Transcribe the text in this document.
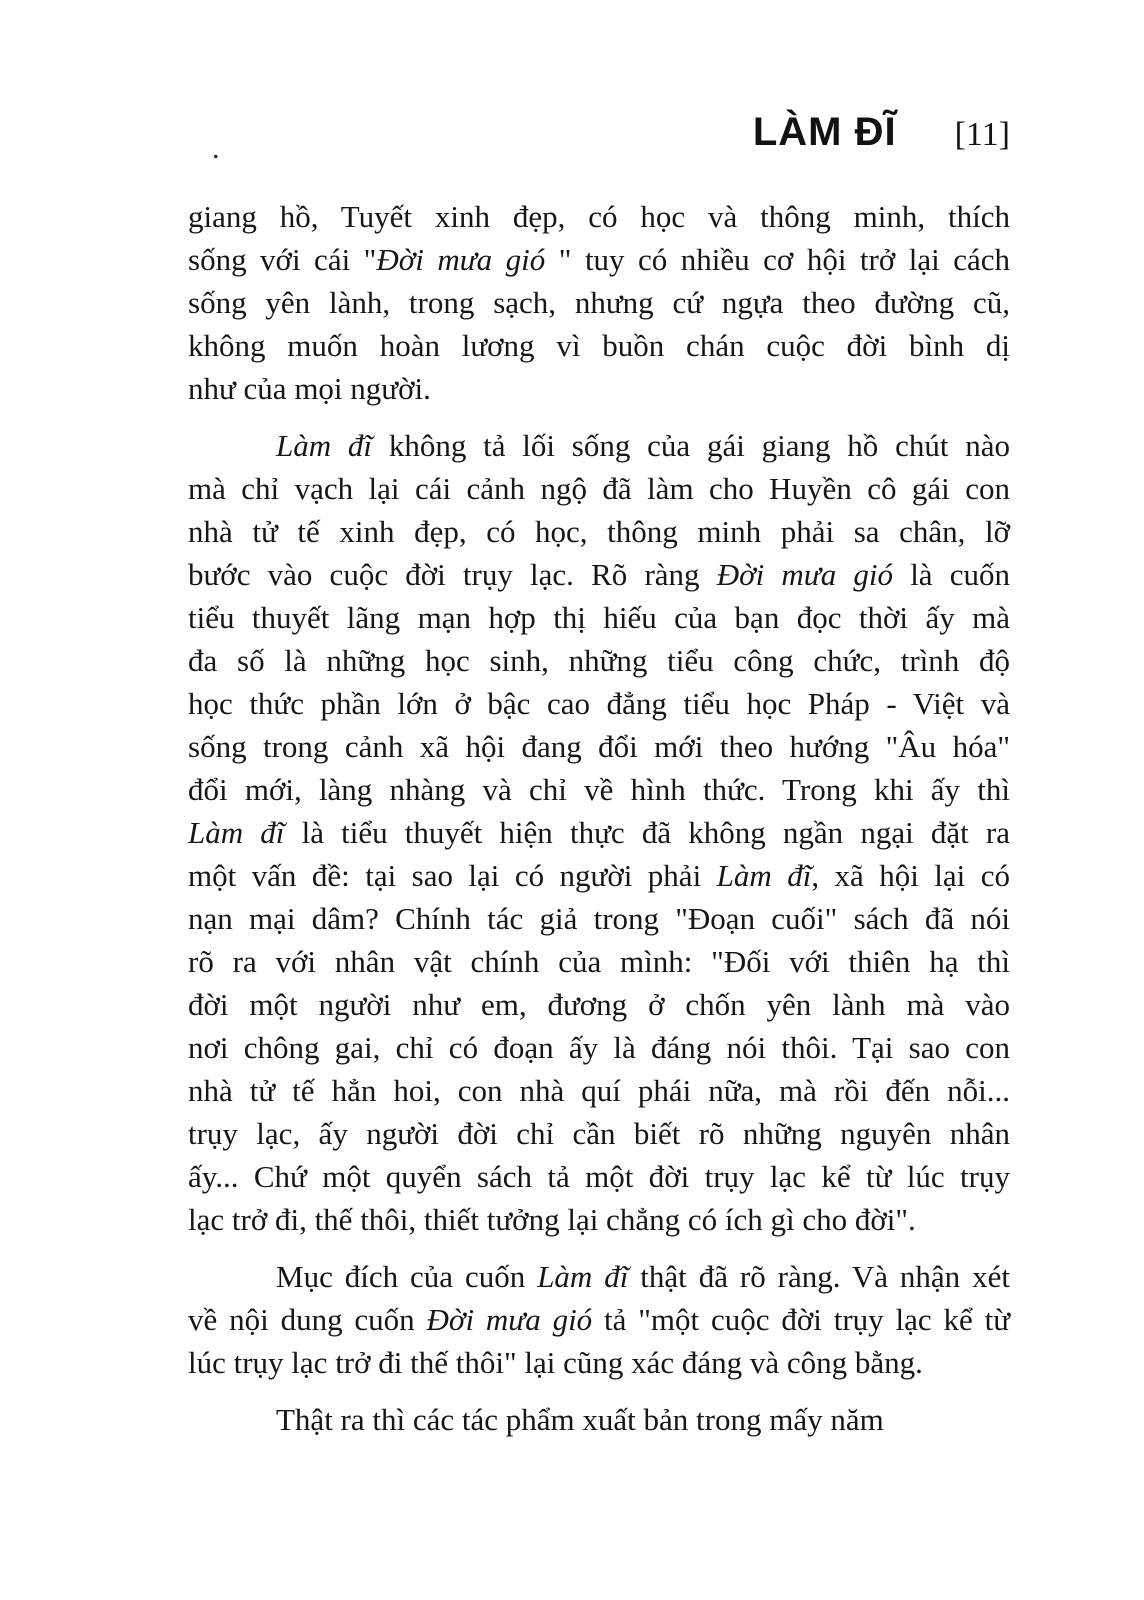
LÀM ĐĨ [11]
.
giang hồ, Tuyết xinh đẹp, có học và thông minh, thích
sống với cái "Đời mưa gió " tuy có nhiều cơ hội trở lại cách
sống yên lành, trong sạch, nhưng cứ ngựa theo đường cũ,
không muốn hoàn lương vì buồn chán cuộc đời bình dị
như của mọi người.
Làm đĩ không tả lối sống của gái giang hồ chút nào
mà chỉ vạch lại cái cảnh ngộ đã làm cho Huyền cô gái con
nhà tử tế xinh đẹp, có học, thông minh phải sa chân, lỡ
bước vào cuộc đời trụy lạc. Rõ ràng Đời mưa gió là cuốn
tiểu thuyết lãng mạn hợp thị hiếu của bạn đọc thời ấy mà
đa số là những học sinh, những tiểu công chức, trình độ
học thức phần lớn ở bậc cao đẳng tiểu học Pháp - Việt và
sống trong cảnh xã hội đang đổi mới theo hướng "Âu hóa"
đổi mới, làng nhàng và chỉ về hình thức. Trong khi ấy thì
Làm đĩ là tiểu thuyết hiện thực đã không ngần ngại đặt ra
một vấn đề: tại sao lại có người phải Làm đĩ, xã hội lại có
nạn mại dâm? Chính tác giả trong "Đoạn cuối" sách đã nói
rõ ra với nhân vật chính của mình: "Đối với thiên hạ thì
đời một người như em, đương ở chốn yên lành mà vào
nơi chông gai, chỉ có đoạn ấy là đáng nói thôi. Tại sao con
nhà tử tế hẳn hoi, con nhà quí phái nữa, mà rồi đến nỗi...
trụy lạc, ấy người đời chỉ cần biết rõ những nguyên nhân
ấy... Chứ một quyển sách tả một đời trụy lạc kể từ lúc trụy
lạc trở đi, thế thôi, thiết tưởng lại chẳng có ích gì cho đời".
Mục đích của cuốn Làm đĩ thật đã rõ ràng. Và nhận xét
về nội dung cuốn Đời mưa gió tả "một cuộc đời trụy lạc kể từ
lúc trụy lạc trở đi thế thôi" lại cũng xác đáng và công bằng.
Thật ra thì các tác phẩm xuất bản trong mấy năm
